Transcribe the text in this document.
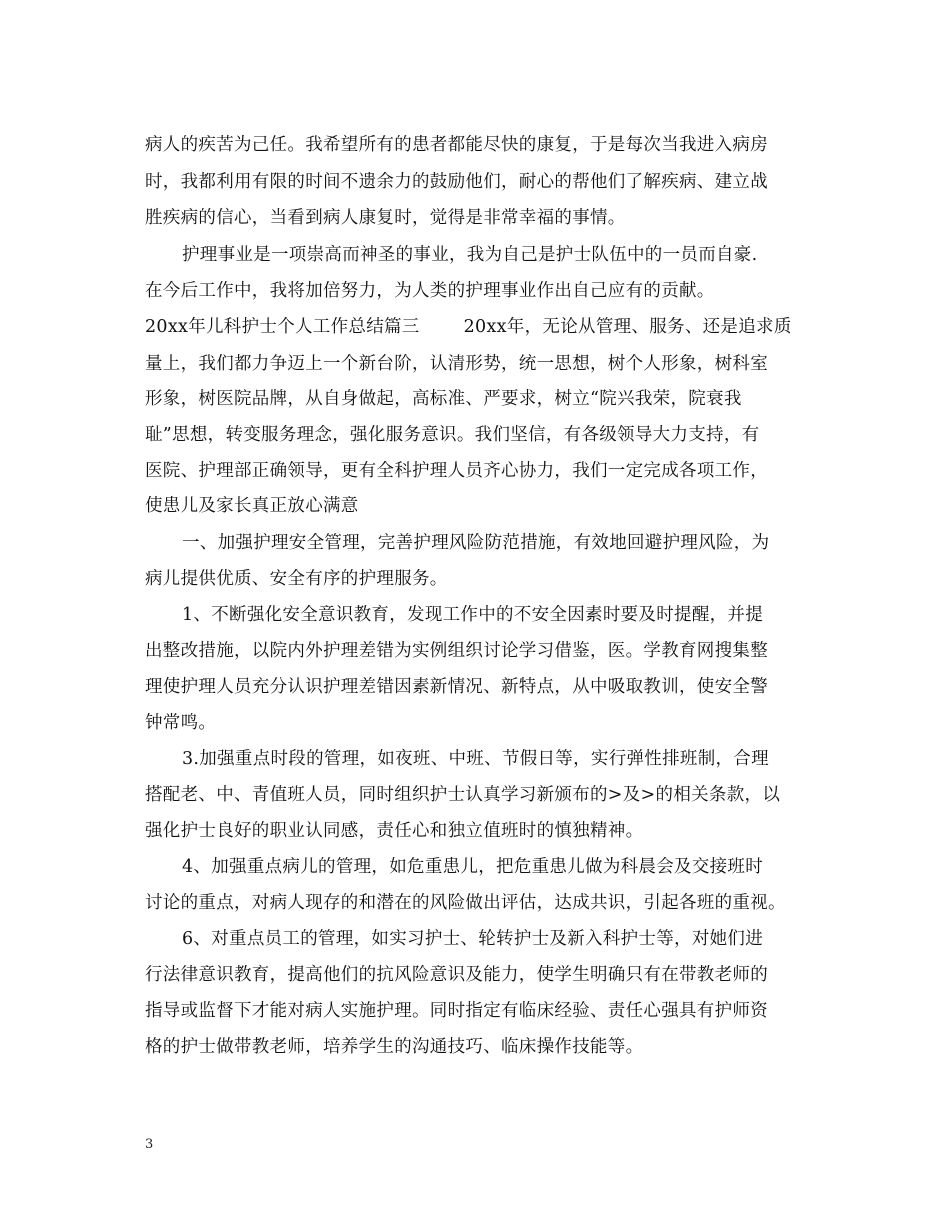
病人的疾苦为己任。我希望所有的患者都能尽快的康复，于是每次当我进入病房
时，我都利用有限的时间不遗余力的鼓励他们，耐心的帮他们了解疾病、建立战
胜疾病的信心，当看到病人康复时，觉得是非常幸福的事情。
护理事业是一项崇高而神圣的事业，我为自己是护士队伍中的一员而自豪.
在今后工作中，我将加倍努力，为人类的护理事业作出自己应有的贡献。
20xx年儿科护士个人工作总结篇三	20xx年，无论从管理、服务、还是追求质
量上，我们都力争迈上一个新台阶，认清形势，统一思想，树个人形象，树科室
形象，树医院品牌，从自身做起，高标准、严要求，树立“院兴我荣，院衰我
耻”思想，转变服务理念，强化服务意识。我们坚信，有各级领导大力支持，有
医院、护理部正确领导，更有全科护理人员齐心协力，我们一定完成各项工作，
使患儿及家长真正放心满意
一、加强护理安全管理，完善护理风险防范措施，有效地回避护理风险，为
病儿提供优质、安全有序的护理服务。
1、不断强化安全意识教育，发现工作中的不安全因素时要及时提醒，并提
出整改措施，以院内外护理差错为实例组织讨论学习借鉴，医。学教育网搜集整
理使护理人员充分认识护理差错因素新情况、新特点，从中吸取教训，使安全警
钟常鸣。
3.加强重点时段的管理，如夜班、中班、节假日等，实行弹性排班制，合理
搭配老、中、青值班人员，同时组织护士认真学习新颁布的>及>的相关条款，以
强化护士良好的职业认同感，责任心和独立值班时的慎独精神。
4、加强重点病儿的管理，如危重患儿，把危重患儿做为科晨会及交接班时
讨论的重点，对病人现存的和潜在的风险做出评估，达成共识，引起各班的重视。
6、对重点员工的管理，如实习护士、轮转护士及新入科护士等，对她们进
行法律意识教育，提高他们的抗风险意识及能力，使学生明确只有在带教老师的
指导或监督下才能对病人实施护理。同时指定有临床经验、责任心强具有护师资
格的护士做带教老师，培养学生的沟通技巧、临床操作技能等。
3
